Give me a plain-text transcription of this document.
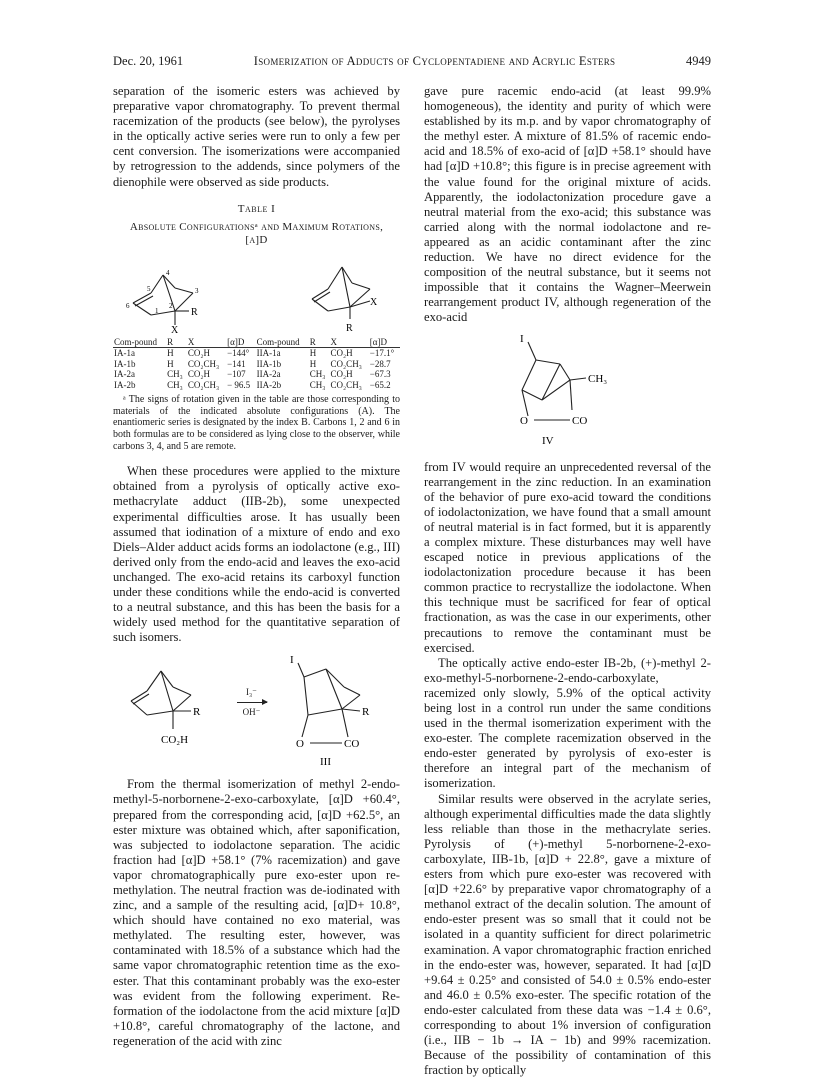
Dec. 20, 1961	Isomerization of Adducts of Cyclopentadiene and Acrylic Esters	4949

separation of the isomeric esters was achieved by preparative vapor chromatography. To prevent thermal racemization of the products (see below), the pyrolyses in the optically active series were run to only a few per cent conversion. The isomerizations were accompanied by retrogression to the addends, since polymers of the dienophile were observed as side products.

Table I
Absolute Configurationsᵃ and Maximum Rotations,
[α]D
R
X
6
5
4
3
2
1
X
R
Com-pound	R	X	[α]D	Com-pound	R	X	[α]D
IA-1a	H	CO₂H	−144°	IIA-1a	H	CO₂H	−17.1°
IA-1b	H	CO₂CH₃	−141	IIA-1b	H	CO₂CH₃	−28.7
IA-2a	CH₃	CO₂H	−107	IIA-2a	CH₃	CO₂H	−67.3
IA-2b	CH₃	CO₂CH₃	− 96.5	IIA-2b	CH₃	CO₂CH₃	−65.2

ᵃ The signs of rotation given in the table are those corresponding to materials of the indicated absolute configurations (A). The enantiomeric series is designated by the index B. Carbons 1, 2 and 6 in both formulas are to be considered as lying close to the observer, while carbons 3, 4, and 5 are remote.

When these procedures were applied to the mixture obtained from a pyrolysis of optically active exo-methacrylate adduct (IIB-2b), some unexpected experimental difficulties arose. It has usually been assumed that iodination of a mixture of endo and exo Diels–Alder adduct acids forms an iodolactone (e.g., III) derived only from the endo-acid and leaves the exo-acid unchanged. The exo-acid retains its carboxyl function under these conditions while the endo-acid is converted to a neutral substance, and this has been the basis for a widely used method for the quantitative separation of such isomers.

R
CO₂H
I₃⁻
OH⁻
I
R
O	CO
III

From the thermal isomerization of methyl 2-endo-methyl-5-norbornene-2-exo-carboxylate, [α]D +60.4°, prepared from the corresponding acid, [α]D +62.5°, an ester mixture was obtained which, after saponification, was subjected to iodolactone separation. The acidic fraction had [α]D +58.1° (7% racemization) and gave vapor chromatographically pure exo-ester upon re-methylation. The neutral fraction was de-iodinated with zinc, and a sample of the resulting acid, [α]D+ 10.8°, which should have contained no exo material, was methylated. The resulting ester, however, was contaminated with 18.5% of a substance which had the same vapor chromatographic retention time as the exo-ester. That this contaminant probably was the exo-ester was evident from the following experiment. Re-formation of the iodolactone from the acid mixture [α]D +10.8°, careful chromatography of the lactone, and regeneration of the acid with zinc

gave pure racemic endo-acid (at least 99.9% homogeneous), the identity and purity of which were established by its m.p. and by vapor chromatography of the methyl ester. A mixture of 81.5% of racemic endo-acid and 18.5% of exo-acid of [α]D +58.1° should have had [α]D +10.8°; this figure is in precise agreement with the value found for the original mixture of acids. Apparently, the iodolactonization procedure gave a neutral material from the exo-acid; this substance was carried along with the normal iodolactone and re-appeared as an acidic contaminant after the zinc reduction. We have no direct evidence for the composition of the neutral substance, but it seems not impossible that it contains the Wagner–Meerwein rearrangement product IV, although regeneration of the exo-acid

I
CH₃
O	CO
IV

from IV would require an unprecedented reversal of the rearrangement in the zinc reduction. In an examination of the behavior of pure exo-acid toward the conditions of iodolactonization, we have found that a small amount of neutral material is in fact formed, but it is apparently a complex mixture. These disturbances may well have escaped notice in previous applications of the iodolactonization procedure because it has been common practice to recrystallize the iodolactone. When this technique must be sacrificed for fear of optical fractionation, as was the case in our experiments, other precautions to remove the contaminant must be exercised.

The optically active endo-ester IB-2b, (+)-methyl 2-exo-methyl-5-norbornene-2-endo-carboxylate, racemized only slowly, 5.9% of the optical activity being lost in a control run under the same conditions used in the thermal isomerization experiment with the exo-ester. The complete racemization observed in the endo-ester generated by pyrolysis of exo-ester is therefore an integral part of the mechanism of isomerization.

Similar results were observed in the acrylate series, although experimental difficulties made the data slightly less reliable than those in the methacrylate series. Pyrolysis of (+)-methyl 5-norbornene-2-exo-carboxylate, IIB-1b, [α]D + 22.8°, gave a mixture of esters from which pure exo-ester was recovered with [α]D +22.6° by preparative vapor chromatography of a methanol extract of the decalin solution. The amount of endo-ester present was so small that it could not be isolated in a quantity sufficient for direct polarimetric examination. A vapor chromatographic fraction enriched in the endo-ester was, however, separated. It had [α]D +9.64 ± 0.25° and consisted of 54.0 ± 0.5% endo-ester and 46.0 ± 0.5% exo-ester. The specific rotation of the endo-ester calculated from these data was −1.4 ± 0.6°, corresponding to about 1% inversion of configuration (i.e., IIB − 1b → IA − 1b) and 99% racemization. Because of the possibility of contamination of this fraction by optically
